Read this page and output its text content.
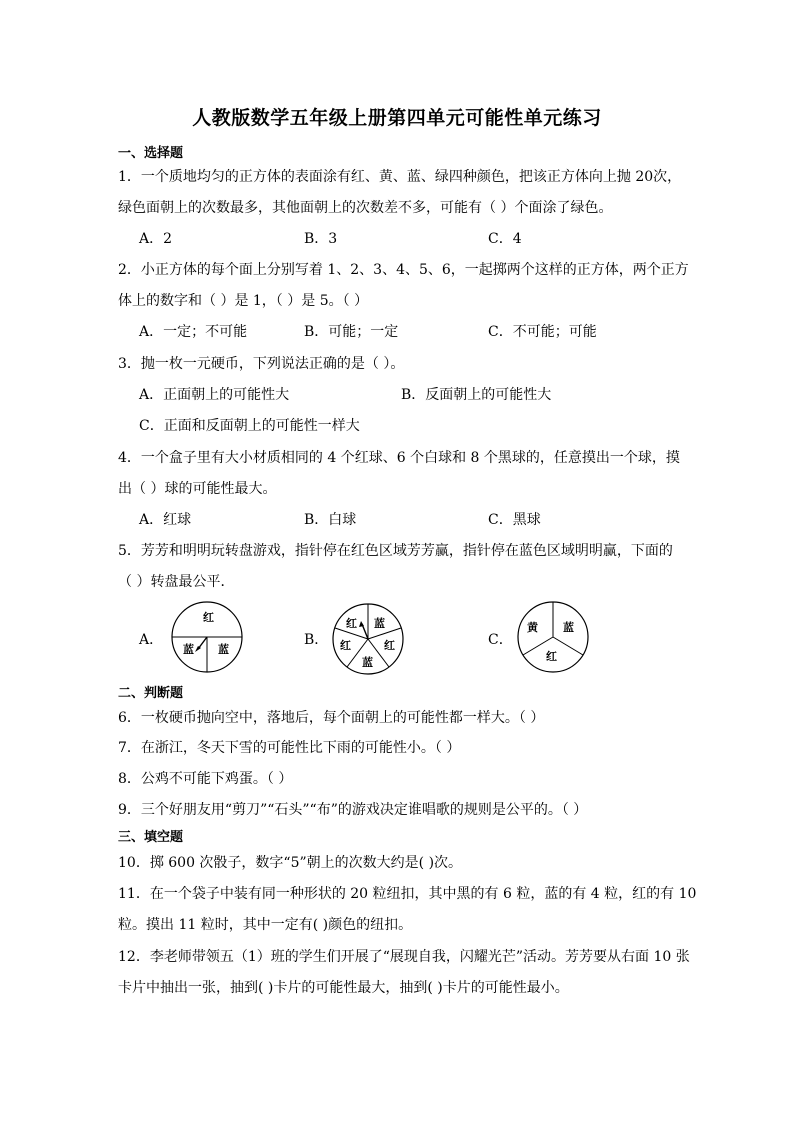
人教版数学五年级上册第四单元可能性单元练习
一、选择题
1．一个质地均匀的正方体的表面涂有红、黄、蓝、绿四种颜色，把该正方体向上抛 20次，
绿色面朝上的次数最多，其他面朝上的次数差不多，可能有（ ）个面涂了绿色。
A．2	B．3	C．4
2．小正方体的每个面上分别写着 1、2、3、4、5、6，一起掷两个这样的正方体，两个正方
体上的数字和（ ）是 1，（ ）是 5。（ ）
A．一定；不可能	B．可能；一定	C．不可能；可能
3．抛一枚一元硬币，下列说法正确的是（ ）。
A．正面朝上的可能性大	B．反面朝上的可能性大
C．正面和反面朝上的可能性一样大
4．一个盒子里有大小材质相同的 4 个红球、6 个白球和 8 个黑球的，任意摸出一个球，摸
出（ ）球的可能性最大。
A．红球	B．白球	C．黑球
5．芳芳和明明玩转盘游戏，指针停在红色区域芳芳赢，指针停在蓝色区域明明赢，下面的
（ ）转盘最公平．
A．
红
蓝 蓝
B．
红 蓝
红
蓝
红	C．
黄 蓝
红
二、判断题
6．一枚硬币抛向空中，落地后，每个面朝上的可能性都一样大。（ ）
7．在浙江，冬天下雪的可能性比下雨的可能性小。（ ）
8．公鸡不可能下鸡蛋。（ ）
9．三个好朋友用“剪刀”“石头”“布”的游戏决定谁唱歌的规则是公平的。（ ）
三、填空题
10．掷 600 次骰子，数字“5”朝上的次数大约是( )次。
11．在一个袋子中装有同一种形状的 20 粒纽扣，其中黑的有 6 粒，蓝的有 4 粒，红的有 10
粒。摸出 11 粒时，其中一定有( )颜色的纽扣。
12．李老师带领五（1）班的学生们开展了“展现自我，闪耀光芒”活动。芳芳要从右面 10 张
卡片中抽出一张，抽到( )卡片的可能性最大，抽到( )卡片的可能性最小。
